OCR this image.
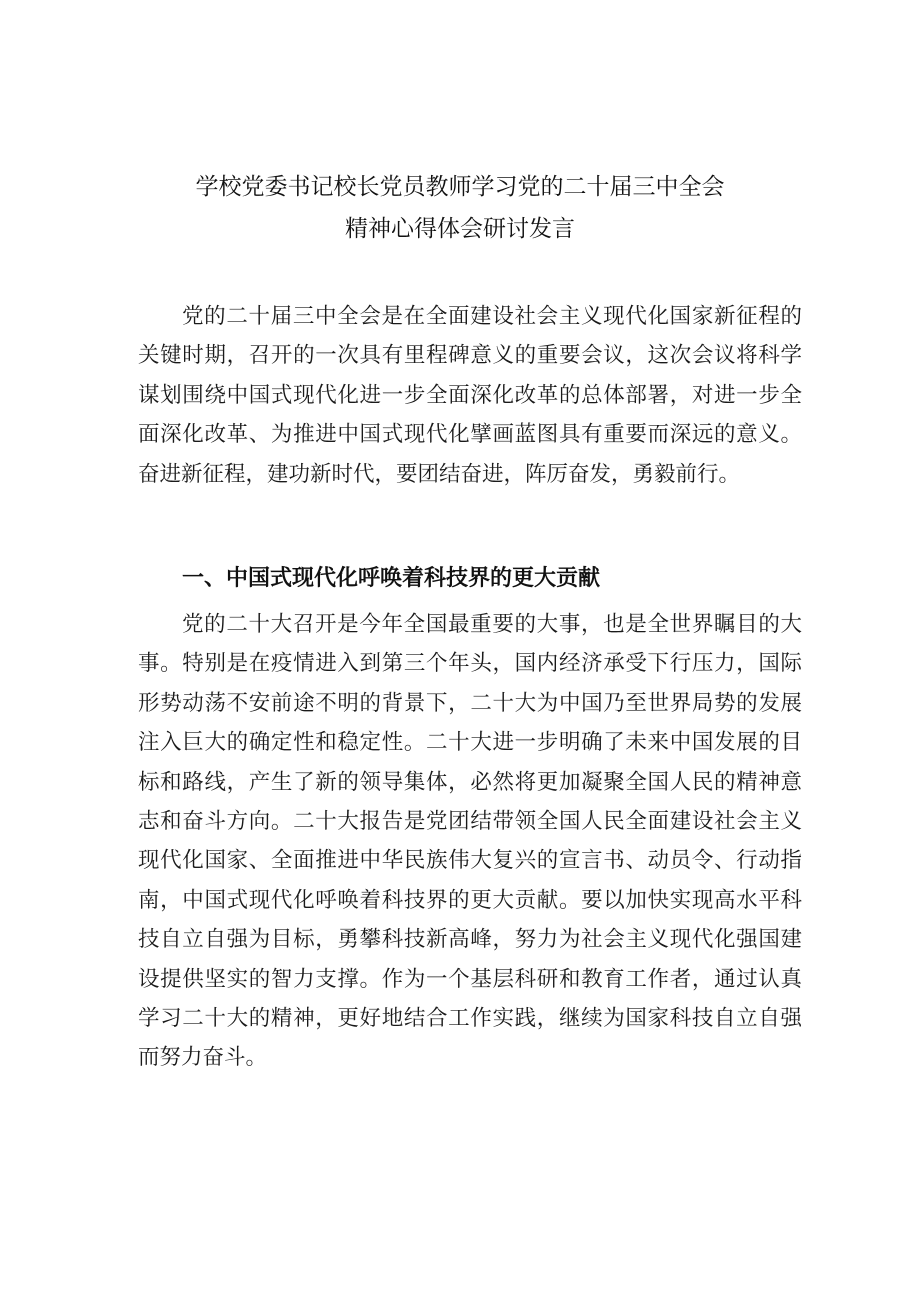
学校党委书记校长党员教师学习党的二十届三中全会
精神心得体会研讨发言

党的二十届三中全会是在全面建设社会主义现代化国家新征程的关键时期，召开的一次具有里程碑意义的重要会议，这次会议将科学谋划围绕中国式现代化进一步全面深化改革的总体部署，对进一步全面深化改革、为推进中国式现代化擘画蓝图具有重要而深远的意义。奋进新征程，建功新时代，要团结奋进，阵厉奋发，勇毅前行。

一、中国式现代化呼唤着科技界的更大贡献

党的二十大召开是今年全国最重要的大事，也是全世界瞩目的大事。特别是在疫情进入到第三个年头，国内经济承受下行压力，国际形势动荡不安前途不明的背景下，二十大为中国乃至世界局势的发展注入巨大的确定性和稳定性。二十大进一步明确了未来中国发展的目标和路线，产生了新的领导集体，必然将更加凝聚全国人民的精神意志和奋斗方向。二十大报告是党团结带领全国人民全面建设社会主义现代化国家、全面推进中华民族伟大复兴的宣言书、动员令、行动指南，中国式现代化呼唤着科技界的更大贡献。要以加快实现高水平科技自立自强为目标，勇攀科技新高峰，努力为社会主义现代化强国建设提供坚实的智力支撑。作为一个基层科研和教育工作者，通过认真学习二十大的精神，更好地结合工作实践，继续为国家科技自立自强而努力奋斗。
